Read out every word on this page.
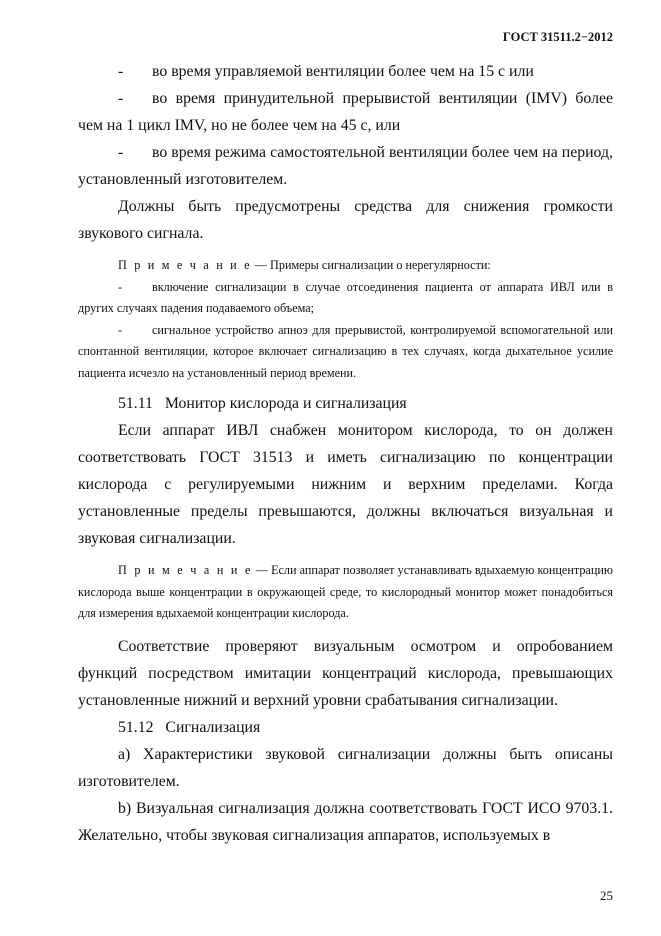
ГОСТ 31511.2−2012

- во время управляемой вентиляции более чем на 15 с или

- во время принудительной прерывистой вентиляции (IMV) более чем на 1 цикл IMV, но не более чем на 45 с, или

- во время режима самостоятельной вентиляции более чем на период, установленный изготовителем.

Должны быть предусмотрены средства для снижения громкости звукового сигнала.

П р и м е ч а н и е — Примеры сигнализации о нерегулярности:

- включение сигнализации в случае отсоединения пациента от аппарата ИВЛ или в других случаях падения подаваемого объема;

- сигнальное устройство апноэ для прерывистой, контролируемой вспомогательной или спонтанной вентиляции, которое включает сигнализацию в тех случаях, когда дыхательное усилие пациента исчезло на установленный период времени.

51.11 Монитор кислорода и сигнализация

Если аппарат ИВЛ снабжен монитором кислорода, то он должен соответствовать ГОСТ 31513 и иметь сигнализацию по концентрации кислорода с регулируемыми нижним и верхним пределами. Когда установленные пределы превышаются, должны включаться визуальная и звуковая сигнализации.

П р и м е ч а н и е — Если аппарат позволяет устанавливать вдыхаемую концентрацию кислорода выше концентрации в окружающей среде, то кислородный монитор может понадобиться для измерения вдыхаемой концентрации кислорода.

Соответствие проверяют визуальным осмотром и опробованием функций посредством имитации концентраций кислорода, превышающих установленные нижний и верхний уровни срабатывания сигнализации.

51.12 Сигнализация

a) Характеристики звуковой сигнализации должны быть описаны изготовителем.

b) Визуальная сигнализация должна соответствовать ГОСТ ИСО 9703.1. Желательно, чтобы звуковая сигнализация аппаратов, используемых в

25
